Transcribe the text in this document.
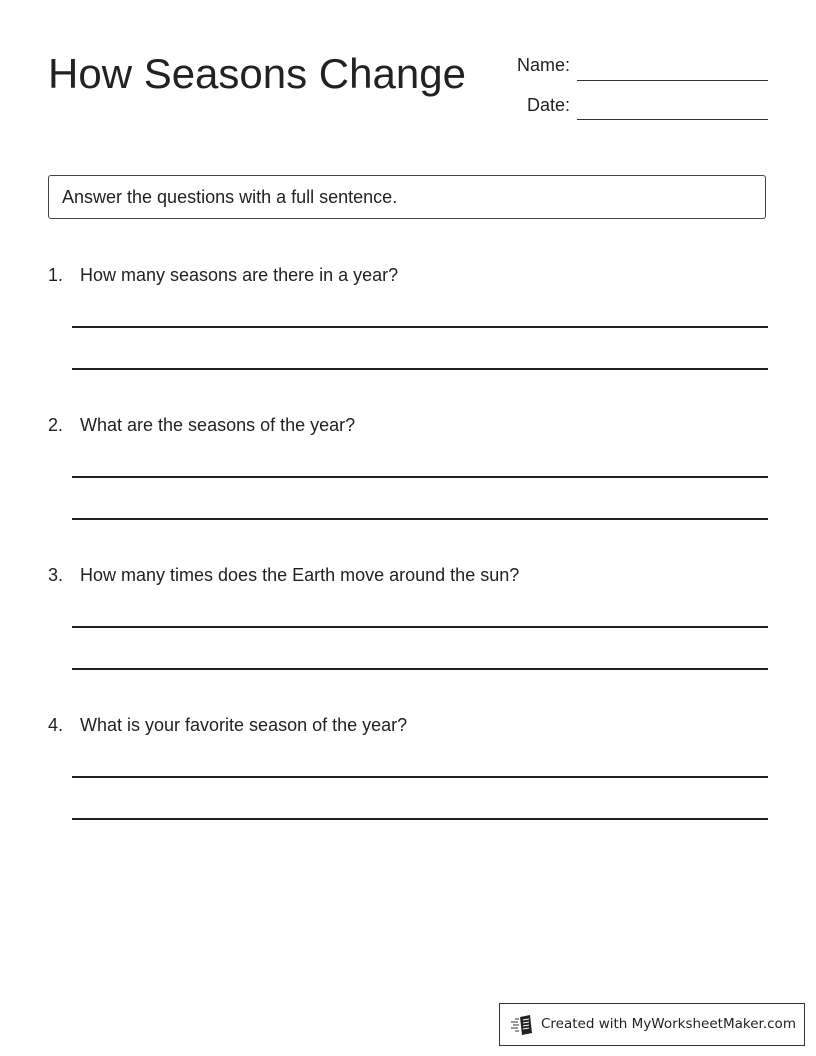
How Seasons Change	Name:
Date:
Answer the questions with a full sentence.
1. How many seasons are there in a year?
2. What are the seasons of the year?
3. How many times does the Earth move around the sun?
4. What is your favorite season of the year?
Created with MyWorksheetMaker.com
